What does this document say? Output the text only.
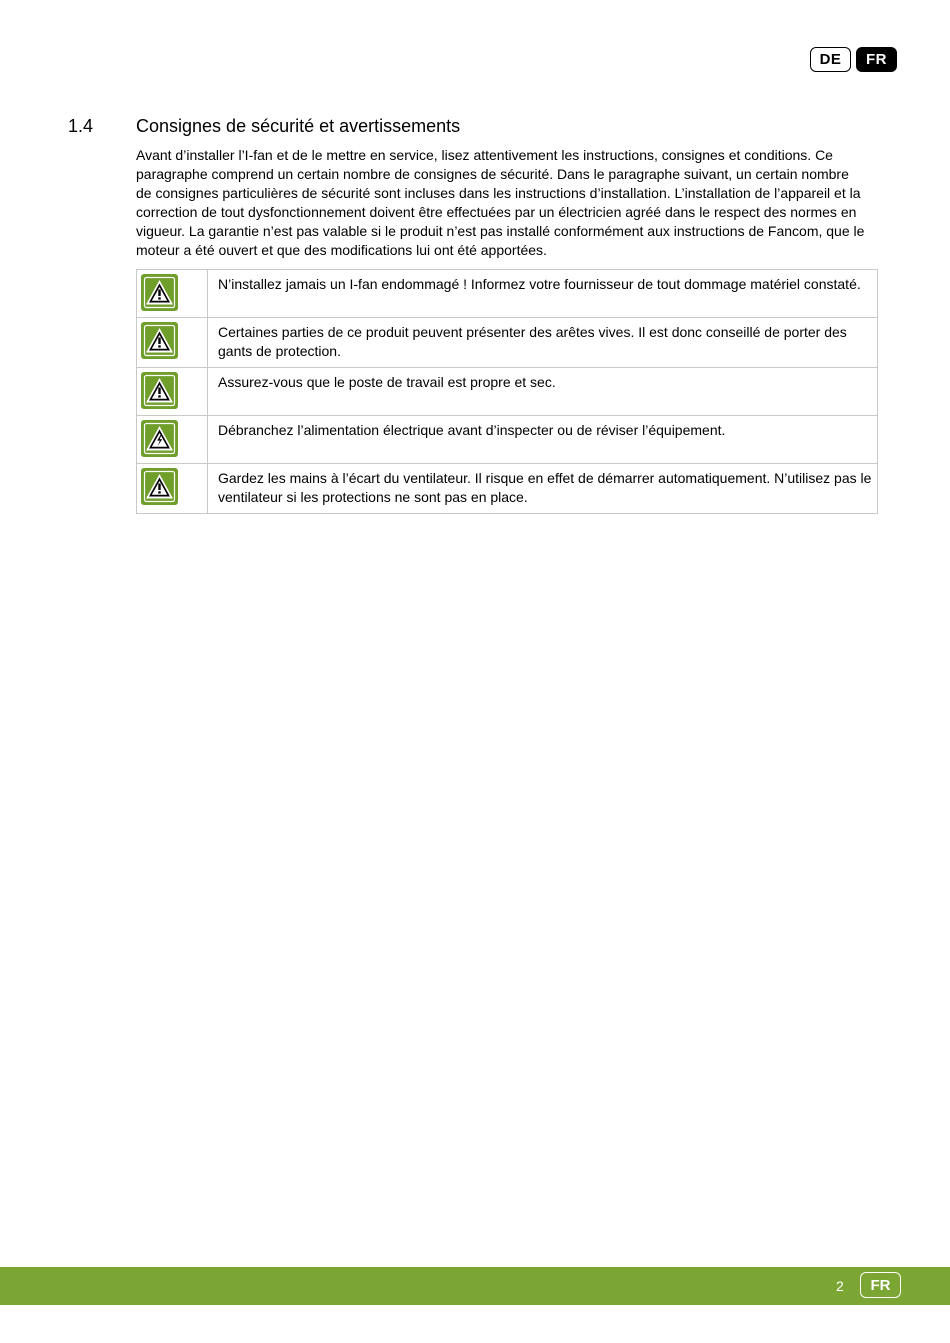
DE	FR
1.4 Consignes de sécurité et avertissements

Avant d’installer l’I-fan et de le mettre en service, lisez attentivement les instructions, consignes et conditions. Ce paragraphe comprend un certain nombre de consignes de sécurité. Dans le paragraphe suivant, un certain nombre de consignes particulières de sécurité sont incluses dans les instructions d’installation. L’installation de l’appareil et la correction de tout dysfonctionnement doivent être effectuées par un électricien agréé dans le respect des normes en vigueur. La garantie n’est pas valable si le produit n’est pas installé conformément aux instructions de Fancom, que le moteur a été ouvert et que des modifications lui ont été apportées.

	N’installez jamais un I-fan endommagé ! Informez votre fournisseur de tout dommage matériel constaté.

	Certaines parties de ce produit peuvent présenter des arêtes vives. Il est donc conseillé de porter des gants de protection.

	Assurez-vous que le poste de travail est propre et sec.

	Débranchez l’alimentation électrique avant d’inspecter ou de réviser l’équipement.

	Gardez les mains à l’écart du ventilateur. Il risque en effet de démarrer automatiquement. N’utilisez pas le ventilateur si les protections ne sont pas en place.
2	FR
